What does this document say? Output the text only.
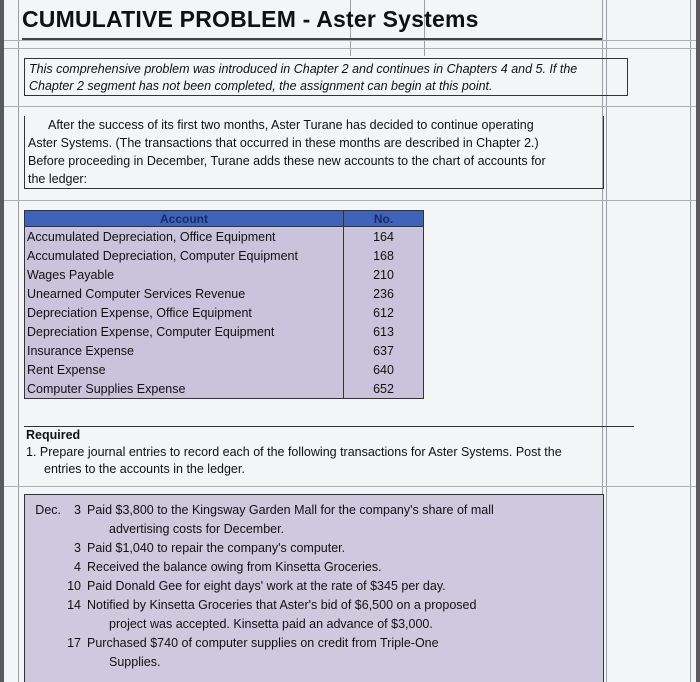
CUMULATIVE PROBLEM - Aster Systems
This comprehensive problem was introduced in Chapter 2 and continues in Chapters 4 and 5. If the
Chapter 2 segment has not been completed, the assignment can begin at this point.
After the success of its first two months, Aster Turane has decided to continue operating
Aster Systems. (The transactions that occurred in these months are described in Chapter 2.)
Before proceeding in December, Turane adds these new accounts to the chart of accounts for
the ledger:
Account	No.
Accumulated Depreciation, Office Equipment	164
Accumulated Depreciation, Computer Equipment	168
Wages Payable	210
Unearned Computer Services Revenue	236
Depreciation Expense, Office Equipment	612
Depreciation Expense, Computer Equipment	613
Insurance Expense	637
Rent Expense	640
Computer Supplies Expense	652
Required
1. Prepare journal entries to record each of the following transactions for Aster Systems. Post the
entries to the accounts in the ledger.
Dec.	3 Paid $3,800 to the Kingsway Garden Mall for the company's share of mall
advertising costs for December.
3 Paid $1,040 to repair the company's computer.
4 Received the balance owing from Kinsetta Groceries.
10 Paid Donald Gee for eight days' work at the rate of $345 per day.
14 Notified by Kinsetta Groceries that Aster's bid of $6,500 on a proposed
project was accepted. Kinsetta paid an advance of $3,000.
17 Purchased $740 of computer supplies on credit from Triple-One
Supplies.
